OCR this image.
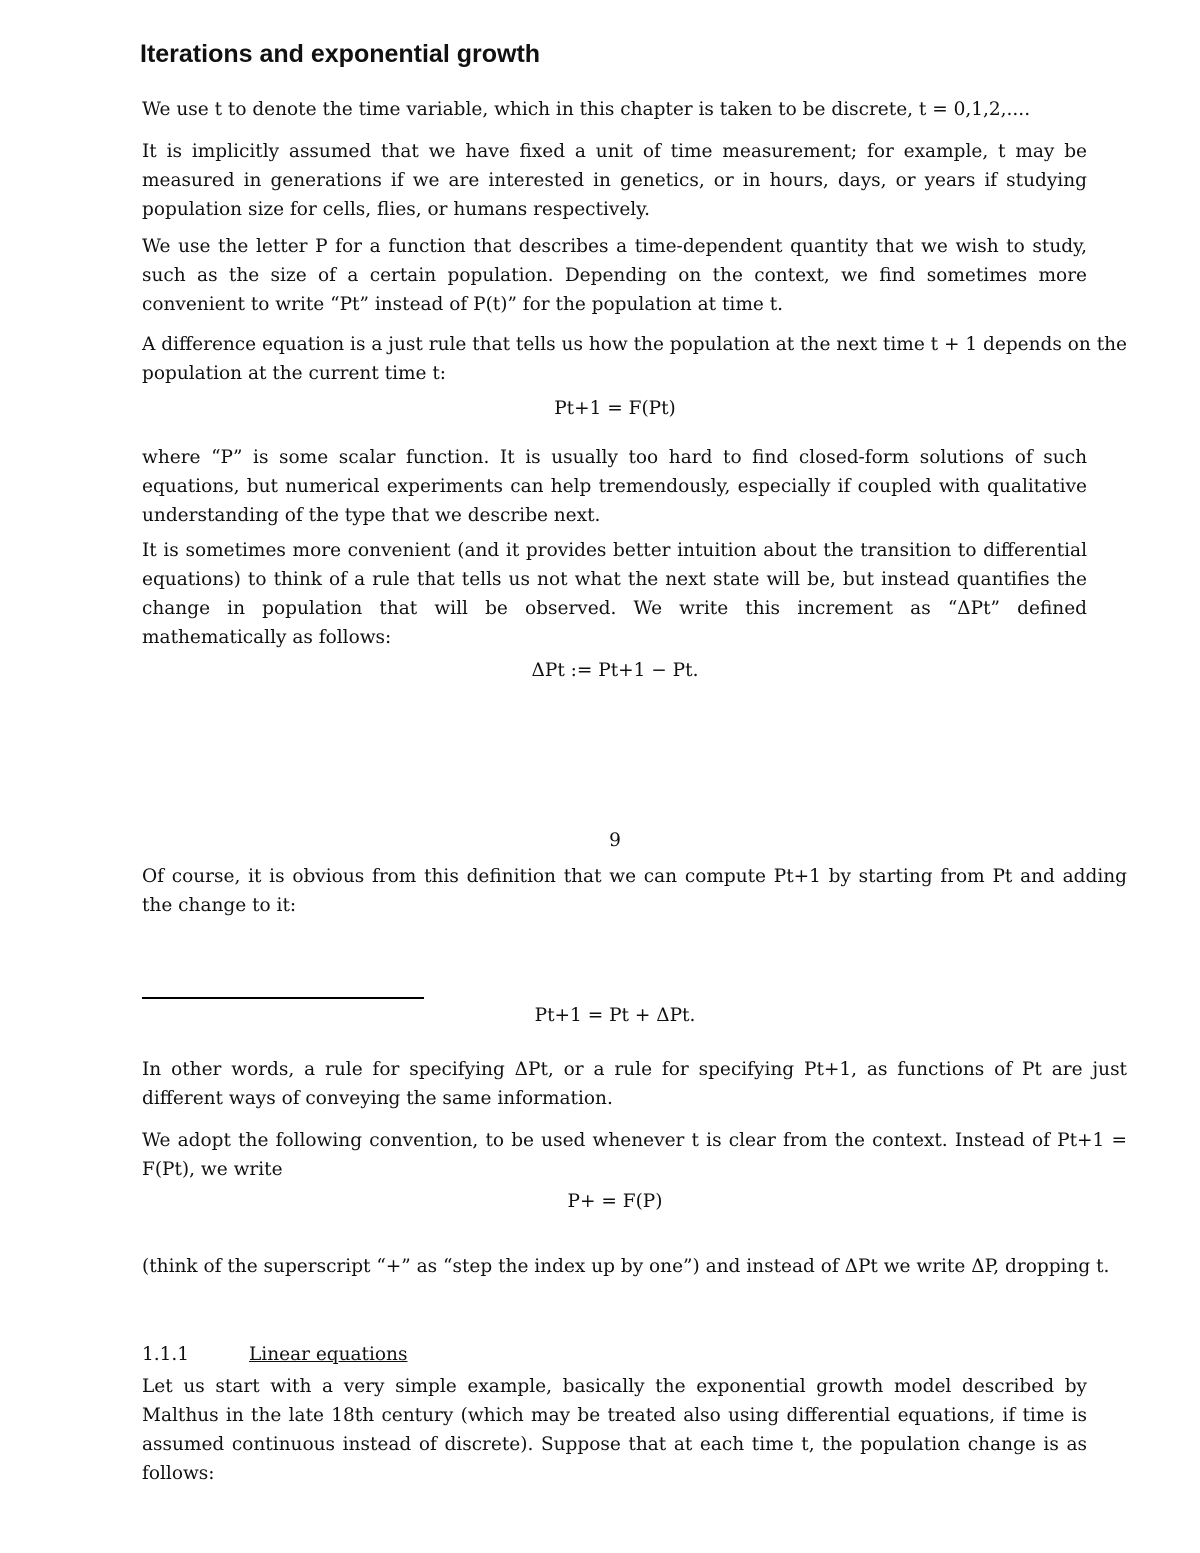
Iterations and exponential growth
We use t to denote the time variable, which in this chapter is taken to be discrete, t = 0,1,2,....
It is implicitly assumed that we have fixed a unit of time measurement; for example, t may be measured in generations if we are interested in genetics, or in hours, days, or years if studying population size for cells, flies, or humans respectively.
We use the letter P for a function that describes a time-dependent quantity that we wish to study, such as the size of a certain population. Depending on the context, we find sometimes more convenient to write “Pt” instead of P(t)” for the population at time t.
A difference equation is a just rule that tells us how the population at the next time t + 1 depends on the population at the current time t:
Pt+1 = F(Pt)
where “P” is some scalar function. It is usually too hard to find closed-form solutions of such equations, but numerical experiments can help tremendously, especially if coupled with qualitative understanding of the type that we describe next.
It is sometimes more convenient (and it provides better intuition about the transition to differential equations) to think of a rule that tells us not what the next state will be, but instead quantifies the change in population that will be observed. We write this increment as “ΔPt” defined mathematically as follows:
ΔPt := Pt+1 − Pt.
9
Of course, it is obvious from this definition that we can compute Pt+1 by starting from Pt and adding the change to it:
Pt+1 = Pt + ΔPt.
In other words, a rule for specifying ΔPt, or a rule for specifying Pt+1, as functions of Pt are just different ways of conveying the same information.
We adopt the following convention, to be used whenever t is clear from the context. Instead of Pt+1 = F(Pt), we write
P+ = F(P)
(think of the superscript “+” as “step the index up by one”) and instead of ΔPt we write ΔP, dropping t.
1.1.1	Linear equations
Let us start with a very simple example, basically the exponential growth model described by Malthus in the late 18th century (which may be treated also using differential equations, if time is assumed continuous instead of discrete). Suppose that at each time t, the population change is as follows:
